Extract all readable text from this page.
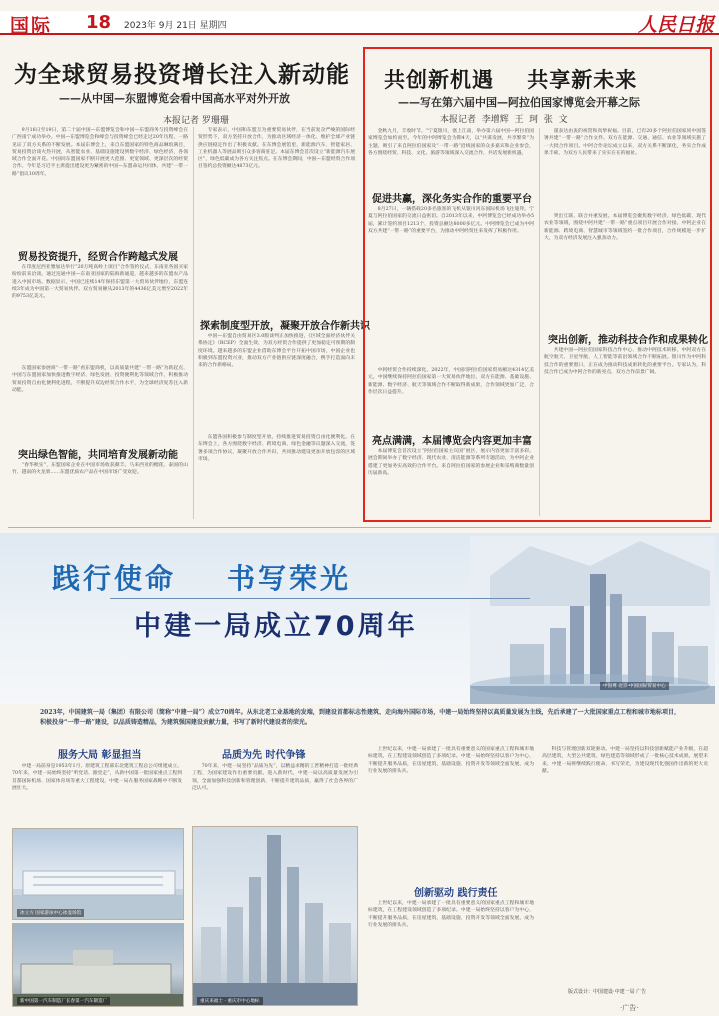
国际 18 2023年 9月 21日 星期四	人民日报
为全球贸易投资增长注入新动能
——从中国—东盟博览会看中国高水平对外开放
本报记者 罗珊珊

9月16日至19日，第二十届中国—东盟博览会和中国—东盟商务与投资峰会在广西南宁成功举办。中国—东盟博览会和峰会与投资峰会已经走过20年历程，一路见证了双方关系的不断发展。本届东博会上，来自东盟国家的特色商品琳琅满目，贸易投资洽谈火热开展，从智能农业、基础设施建设到数字经济、绿色经济，各领域合作全面开花。中国同东盟国家不断开展更大范围、更宽领域、更深层次的经贸合作。今年是习近平主席提出建设更为紧密的中国—东盟命运共同体、共建“一带一路”倡议10周年。

贸易投资提升，经贸合作跨越式发展

在印度尼西亚雅加达举行“20万吨高岭土项目”合作签约仪式，东南亚各国买家纷纷前来洽谈。通过连通中国—东南亚国家的陆海新通道，越来越多的东盟农产品进入中国市场。数据显示，中国已连续14年保持东盟第一大贸易伙伴地位，东盟连续3年成为中国第一大贸易伙伴。双方贸易额从2013年的4436亿美元增至2022年的9753亿美元。

东盟国家参展商“一带一路”看东盟商机，以高质量共建“一带一路”为新起点，中国与东盟国家加快推进数字经济、绿色发展、投资便利化等领域合作，积极推动贸易投资自由化便利化进程，不断提升双边经贸合作水平，为全球经济复苏注入新动能。

突出绿色智能，共同培育发展新动能

“春华秋实”，东盟国家企业在中国市场收获颇丰。马来西亚的榴莲、泰国的山竹、越南的火龙果……东盟优质农产品在中国市场广受欢迎。

专家表示，中国和东盟互为重要贸易伙伴，在当前复杂严峻的国际经贸形势下，双方坚持开放合作，为推动区域经济一体化、维护全球产业链供应链稳定作出了积极贡献。在东博会展馆里，新能源汽车、智能家居、工业机器人等展品吸引众多客商驻足。本届东博会首次设立“新能源汽车展区”，绿色低碳成为各方关注焦点。在东博会期间，中国—东盟经贸合作项目签约总投资额达4873亿元。

探索制度型开放，凝聚开放合作新共识

中国—东盟自由贸易区3.0版谈判正加快推进，《区域全面经济伙伴关系协定》（RCEP）全面生效，为双方经贸合作提供了更加稳定可预期的制度环境。越来越多的东盟企业借助东博会平台开拓中国市场，中国企业也积极到东盟投资兴业，推动双方产业链供应链深度融合，携手打造面向未来的合作新格局。

东盟各国积极参与制度型开放，持续推进贸易投资自由化便利化。在东博会上，各方围绕数字经济、跨境电商、绿色金融等议题深入交流，签署多项合作协议，凝聚开放合作共识，共同推动建设更加开放包容的区域市场。

共创新机遇    共享新未来
——写在第六届中国—阿拉伯国家博览会开幕之际
本报记者  李增辉  王  珂  张  文

金秋九月，丰收时节。“宁夏银川，塞上江南，举办第六届中国—阿拉伯国家博览会如约而至。今年的中阿博览会为期4天，以“共谋发展，共享繁荣”为主题，吸引了来自阿拉伯国家及“一带一路”沿线国家的众多嘉宾和企业参会，各方围绕经贸、科技、文化、旅游等领域深入交流合作，共话发展新机遇。

促进共赢，深化务实合作的重要平台

8月27日，一辆搭载20多名旅客的飞机从银川河东国际机场飞往迪拜。宁夏与阿拉伯国家的交流日益密切。自2013年以来，中阿博览会已经成功举办5届，累计签约项目1213个，投资总额达8000多亿元。中阿博览会已成为中阿双方共建“一带一路”的重要平台，为推动中阿经贸往来发挥了积极作用。

中阿经贸合作持续深化。2022年，中国同阿拉伯国家贸易额达4314亿美元，中国继续保持阿拉伯国家第一大贸易伙伴地位。双方在能源、基础设施、新能源、数字经济、航天等领域合作不断取得新成果，合作领域更加广泛，合作层次日益提升。

亮点满满，本届博览会内容更加丰富

本届博览会首次设立“阿拉伯国家主宾国”展区，展示内容更加丰富多彩。展会期间举办了数字经济、现代农业、清洁能源等系列专题活动，为中阿企业搭建了更加务实高效的合作平台。来自阿拉伯国家的参展企业和采购商数量创历届新高。

谨表达由衷的祝贺和真挚祝福。目前，已有20多个阿拉伯国家同中国签署共建“一带一路”合作文件。双方在能源、交通、通信、农业等领域实施了一大批合作项目。中阿合作论坛成立以来，双方关系不断深化，务实合作成果丰硕，为双方人民带来了实实在在的福祉。

突出互联、联合并重发展。本届博览会聚焦数字经济、绿色低碳、现代农业等领域，围绕中阿共建“一带一路”重点项目开展合作对接。中阿企业在新能源、跨境电商、智慧城市等领域签约一批合作项目，合作规模进一步扩大，为双方经济发展注入强劲动力。

突出创新，推动科技合作和成果转化

共建中国—阿拉伯国家科技合作中心、推动中阿技术转移，中阿双方在航空航天、卫星导航、人工智能等前沿领域合作不断拓展。银川作为中阿科技合作的重要窗口，正在成为推动科技成果转化的重要平台。专家认为，科技合作已成为中阿合作的新亮点，双方合作前景广阔。

中国尊 北京·中国国际贸易中心
践行使命    书写荣光
中建一局成立70周年
2023年，中国建筑一局（集团）有限公司（简称“中建一局”）成立70周年。从东北老工业基地的发端，到建设首都标志性建筑、走向海外国际市场，中建一局始终坚持以高质量发展为主线，先后承建了一大批国家重点工程和城市地标项目，积极投身“一带一路”建设，以品质铸造精品，为建筑强国建设贡献力量，书写了新时代建设者的荣光。
服务大局 彰显担当

中建一局前身是1953年1月，原建筑工程部东北建筑工程总公司组建成立。70年来，中建一局始终坚持“听党话、跟党走”，从新中国第一批国家重点工程到首都国际机场、国家体育场等重大工程建设，中建一局在服务国家战略中不断发展壮大。

冰立方 国家游泳中心冰壶场馆
新中国第一汽车制造厂长春第一汽车制造厂
品质为先 时代争锋

70年来，中建一局坚持“品质为先”，以精益求精的工匠精神打造一批经典工程，为国家建设作出重要贡献。进入新时代，中建一局以高质量发展为引领，全面加强科技创新和管理创新，不断提升建筑品质，赢得了社会各界的广泛认可。

重庆来福士 · 重庆市中心地标

上世纪以来，中建一局承建了一批具有重要意义的国家重点工程和城市地标建筑，在工程建设领域创造了多项纪录。中建一局始终坚持以客户为中心，不断提升服务品质，在房屋建筑、基础设施、投资开发等领域全面发展，成为行业发展的排头兵。

创新驱动 践行责任

上世纪以来，中建一局承建了一批具有重要意义的国家重点工程和城市地标建筑，在工程建设领域创造了多项纪录。中建一局始终坚持以客户为中心，不断提升服务品质，在房屋建筑、基础设施、投资开发等领域全面发展，成为行业发展的排头兵。

科技与管理创新双轮驱动。中建一局坚持以科技创新赋能产业升级，在超高层建筑、大型公共建筑、绿色建造等领域形成了一批核心技术成果。展望未来，中建一局将继续践行使命、书写荣光，为建设现代化强国作出新的更大贡献。

版式设计：中国建设·中建一局 广告
·广告·
